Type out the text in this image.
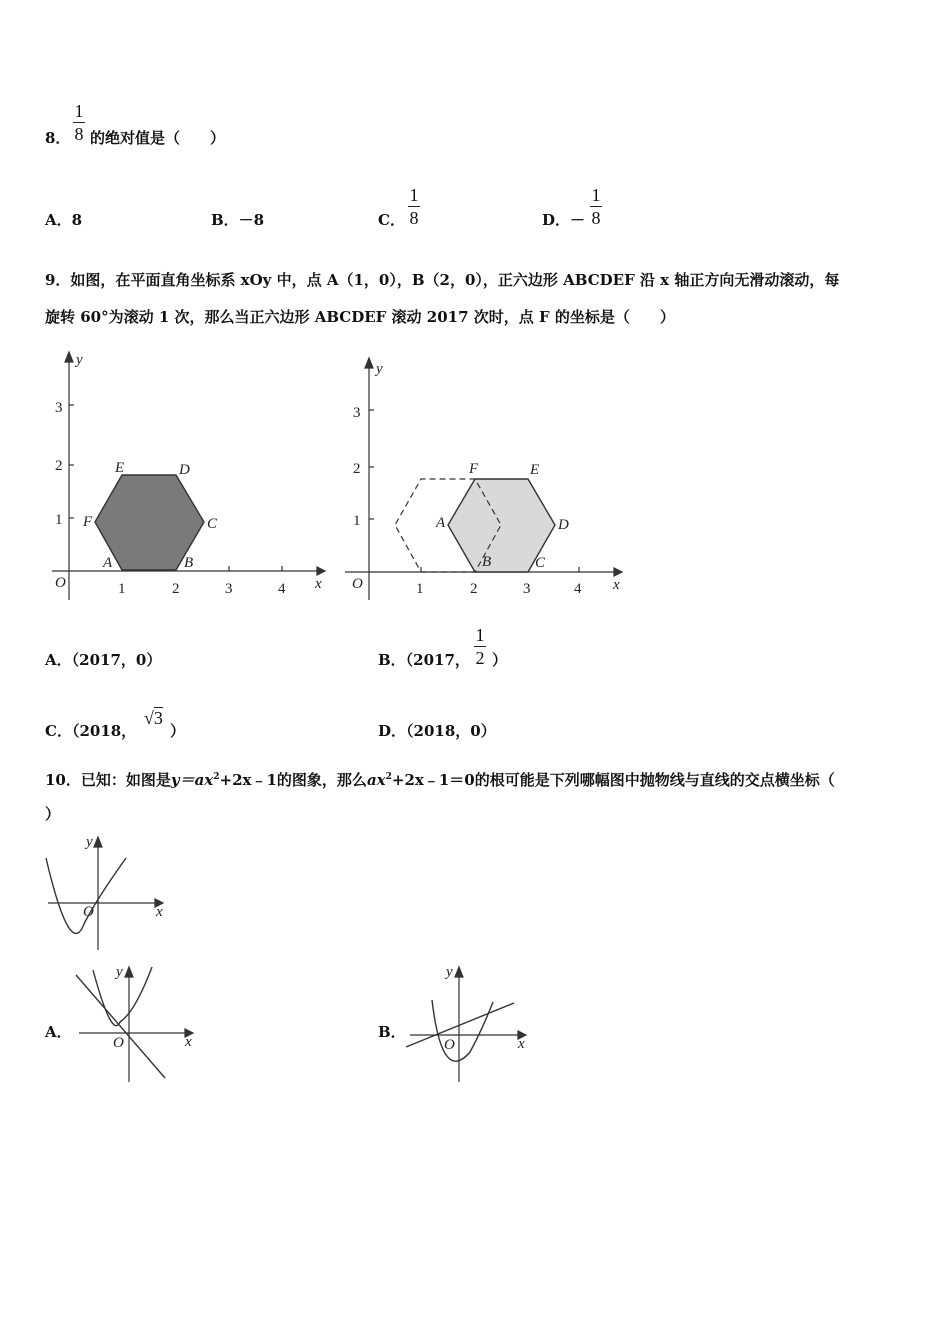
8．
1
8 的绝对值是（　　）
A．8	B．－8	C．
1
8	D．－
1
8
9．如图，在平面直角坐标系 xOy 中，点 A（1，0），B（2，0），正六边形 ABCDEF 沿 x 轴正方向无滑动滚动，每
旋转 60°为滚动 1 次，那么当正六边形 ABCDEF 滚动 2017 次时，点 F 的坐标是（　　）
x
y
O	1	2	3	4
1
2
3
A	B
C
D
E
F
x
y
O	1	2	3	4
1
2
3
A
B	C
D
E
F
A．（2017，0）	B．（2017，
1
2 ）
C．（2018，
√3
）	D．（2018，0）
10．已知：如图是$y=ax^2+2x﹣1$的图象，那么$ax^2+2x﹣1=0$的根可能是下列哪幅图中抛物线与直线的交点横坐标（
）
x
y
O
A．
x
y
O
B．
x
y
O
